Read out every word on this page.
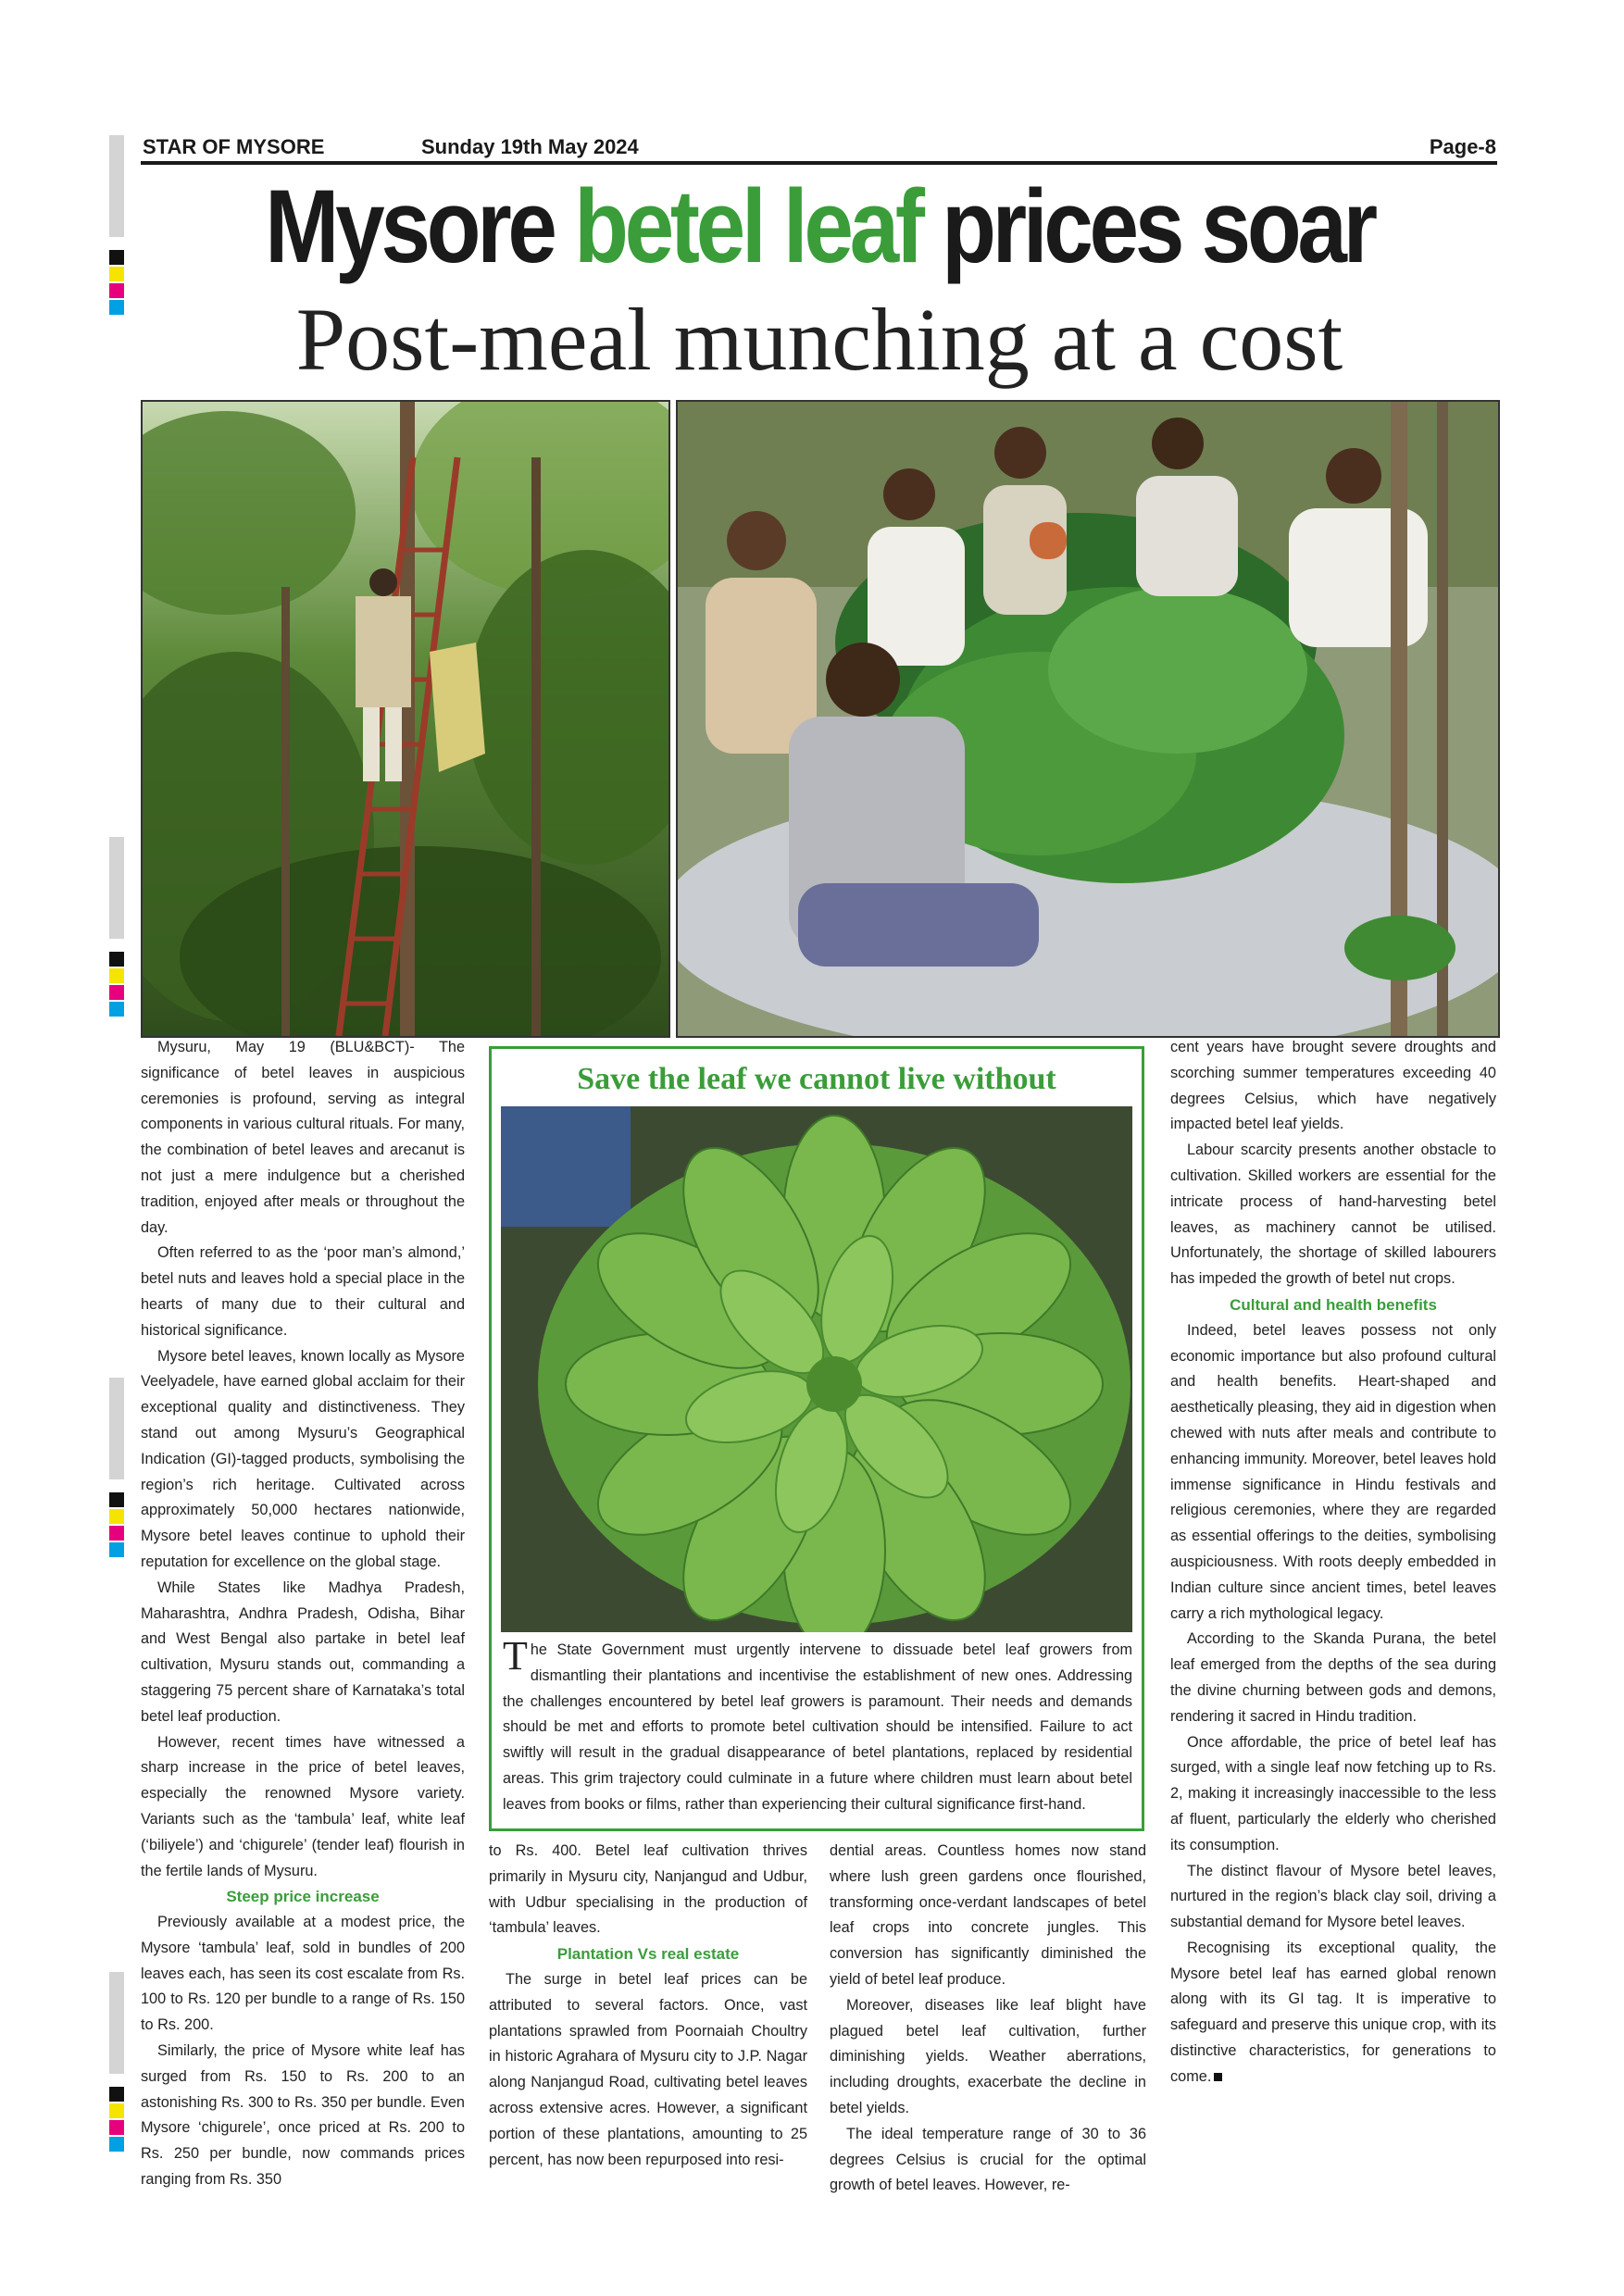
STAR OF MYSORE	Sunday 19th May 2024	Page-8
Mysore betel leaf prices soar
Post-meal munching at a cost

Mysuru, May 19 (BLU&BCT)- The significance of betel leaves in auspicious ceremonies is profound, serving as integral components in various cultural rituals. For many, the combination of betel leaves and arecanut is not just a mere indulgence but a cherished tradition, enjoyed after meals or throughout the day.

Often referred to as the ‘poor man’s almond,’ betel nuts and leaves hold a special place in the hearts of many due to their cultural and historical significance.

Mysore betel leaves, known locally as Mysore Veelyadele, have earned global acclaim for their exceptional quality and distinctiveness. They stand out among Mysuru’s Geographical Indication (GI)-tagged products, symbolising the region’s rich heritage. Cultivated across approximately 50,000 hectares nationwide, Mysore betel leaves continue to uphold their reputation for excellence on the global stage.

While States like Madhya Pradesh, Maharashtra, Andhra Pradesh, Odisha, Bihar and West Bengal also partake in betel leaf cultivation, Mysuru stands out, commanding a staggering 75 percent share of Karnataka’s total betel leaf production.

However, recent times have witnessed a sharp increase in the price of betel leaves, especially the renowned Mysore variety. Variants such as the ‘tambula’ leaf, white leaf (‘biliyele’) and ‘chigurele’ (tender leaf) flourish in the fertile lands of Mysuru.

Steep price increase

Previously available at a modest price, the Mysore ‘tambula’ leaf, sold in bundles of 200 leaves each, has seen its cost escalate from Rs. 100 to Rs. 120 per bundle to a range of Rs. 150 to Rs. 200.

Similarly, the price of Mysore white leaf has surged from Rs. 150 to Rs. 200 to an astonishing Rs. 300 to Rs. 350 per bundle. Even Mysore ‘chigurele’, once priced at Rs. 200 to Rs. 250 per bundle, now commands prices ranging from Rs. 350

Save the leaf we cannot live without
The State Government must urgently intervene to dissuade betel leaf growers from dismantling their plantations and incentivise the establishment of new ones. Addressing the challenges encountered by betel leaf growers is paramount. Their needs and demands should be met and efforts to promote betel cultivation should be intensified. Failure to act swiftly will result in the gradual disappearance of betel plantations, replaced by residential areas. This grim trajectory could culminate in a future where children must learn about betel leaves from books or films, rather than experiencing their cultural significance first-hand.

to Rs. 400. Betel leaf cultivation thrives primarily in Mysuru city, Nanjangud and Udbur, with Udbur specialising in the production of ‘tambula’ leaves.

Plantation Vs real estate

The surge in betel leaf prices can be attributed to several factors. Once, vast plantations sprawled from Poornaiah Choultry in historic Agrahara of Mysuru city to J.P. Nagar along Nanjangud Road, cultivating betel leaves across extensive acres. However, a significant portion of these plantations, amounting to 25 percent, has now been repurposed into resi-

dential areas. Countless homes now stand where lush green gardens once flourished, transforming once-verdant landscapes of betel leaf crops into concrete jungles. This conversion has significantly diminished the yield of betel leaf produce.

Moreover, diseases like leaf blight have plagued betel leaf cultivation, further diminishing yields. Weather aberrations, including droughts, exacerbate the decline in betel yields.

The ideal temperature range of 30 to 36 degrees Celsius is crucial for the optimal growth of betel leaves. However, re-

cent years have brought severe droughts and scorching summer temperatures exceeding 40 degrees Celsius, which have negatively impacted betel leaf yields.

Labour scarcity presents another obstacle to cultivation. Skilled workers are essential for the intricate process of hand-harvesting betel leaves, as machinery cannot be utilised. Unfortunately, the shortage of skilled labourers has impeded the growth of betel nut crops.

Cultural and health benefits

Indeed, betel leaves possess not only economic importance but also profound cultural and health benefits. Heart-shaped and aesthetically pleasing, they aid in digestion when chewed with nuts after meals and contribute to enhancing immunity. Moreover, betel leaves hold immense significance in Hindu festivals and religious ceremonies, where they are regarded as essential offerings to the deities, symbolising auspiciousness. With roots deeply embedded in Indian culture since ancient times, betel leaves carry a rich mythological legacy.

According to the Skanda Purana, the betel leaf emerged from the depths of the sea during the divine churning between gods and demons, rendering it sacred in Hindu tradition.

Once affordable, the price of betel leaf has surged, with a single leaf now fetching up to Rs. 2, making it increasingly inaccessible to the less af fluent, particularly the elderly who cherished its consumption.

The distinct flavour of Mysore betel leaves, nurtured in the region’s black clay soil, driving a substantial demand for Mysore betel leaves.

Recognising its exceptional quality, the Mysore betel leaf has earned global renown along with its GI tag. It is imperative to safeguard and preserve this unique crop, with its distinctive characteristics, for generations to come.
